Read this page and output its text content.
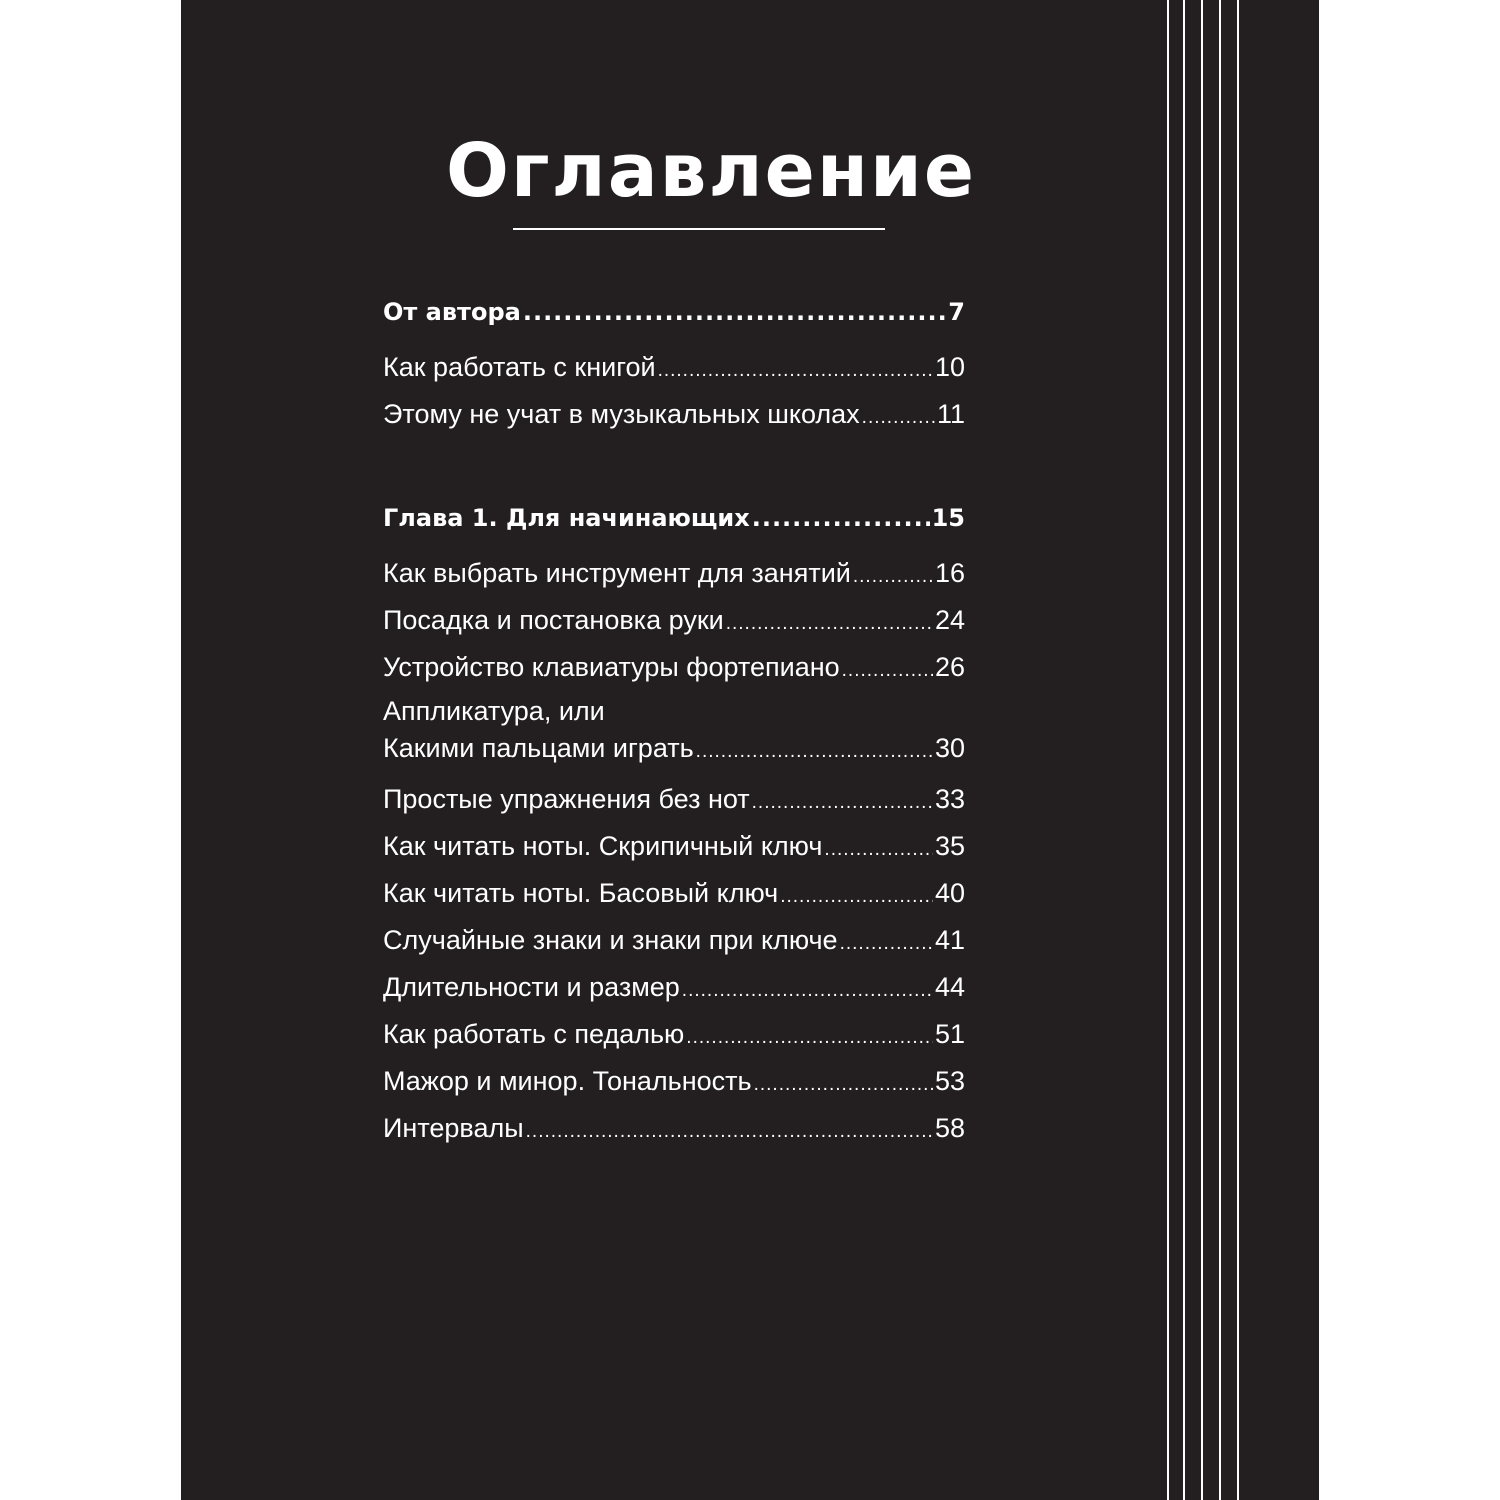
Оглавление
От автора .....	7
Как работать с книгой .....	10
Этому не учат в музыкальных школах .....	11
Глава 1. Для начинающих .....	15
Как выбрать инструмент для занятий .....	16
Посадка и постановка руки .....	24
Устройство клавиатуры фортепиано .....	26
Аппликатура, или
Какими пальцами играть .....	30
Простые упражнения без нот .....	33
Как читать ноты. Скрипичный ключ .....	35
Как читать ноты. Басовый ключ .....	40
Случайные знаки и знаки при ключе .....	41
Длительности и размер .....	44
Как работать с педалью .....	51
Мажор и минор. Тональность .....	53
Интервалы .....	58
